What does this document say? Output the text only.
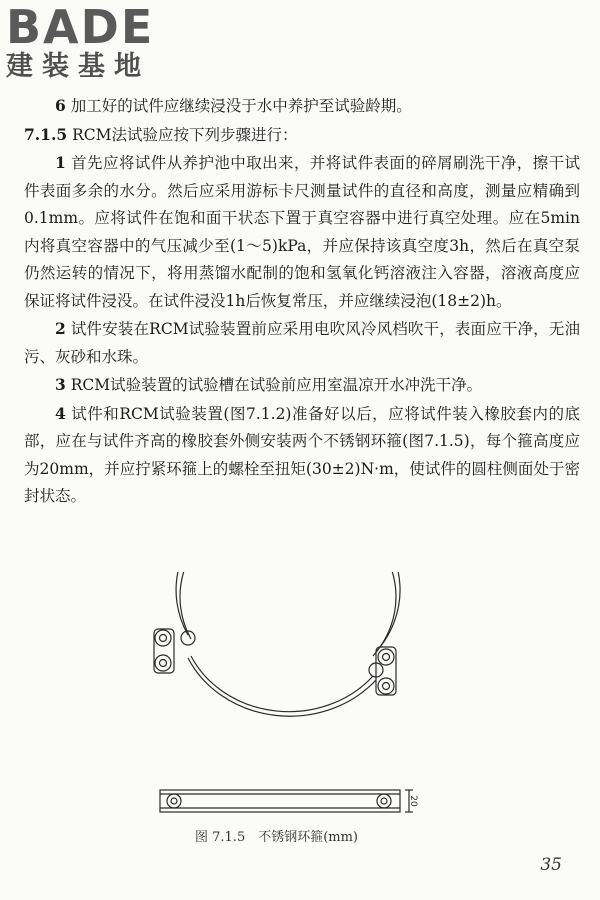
BADE
建装基地

6 加工好的试件应继续浸没于水中养护至试验龄期。

7.1.5 RCM法试验应按下列步骤进行：

1 首先应将试件从养护池中取出来，并将试件表面的碎屑刷洗干净，擦干试件表面多余的水分。然后应采用游标卡尺测量试件的直径和高度，测量应精确到0.1mm。应将试件在饱和面干状态下置于真空容器中进行真空处理。应在5min内将真空容器中的气压减少至(1～5)kPa，并应保持该真空度3h，然后在真空泵仍然运转的情况下，将用蒸馏水配制的饱和氢氧化钙溶液注入容器，溶液高度应保证将试件浸没。在试件浸没1h后恢复常压，并应继续浸泡(18±2)h。

2 试件安装在RCM试验装置前应采用电吹风冷风档吹干，表面应干净，无油污、灰砂和水珠。

3 RCM试验装置的试验槽在试验前应用室温凉开水冲洗干净。

4 试件和RCM试验装置(图7.1.2)准备好以后，应将试件装入橡胶套内的底部，应在与试件齐高的橡胶套外侧安装两个不锈钢环箍(图7.1.5)，每个箍高度应为20mm，并应拧紧环箍上的螺栓至扭矩(30±2)N·m，使试件的圆柱侧面处于密封状态。

20
图 7.1.5　不锈钢环箍(mm)
35
